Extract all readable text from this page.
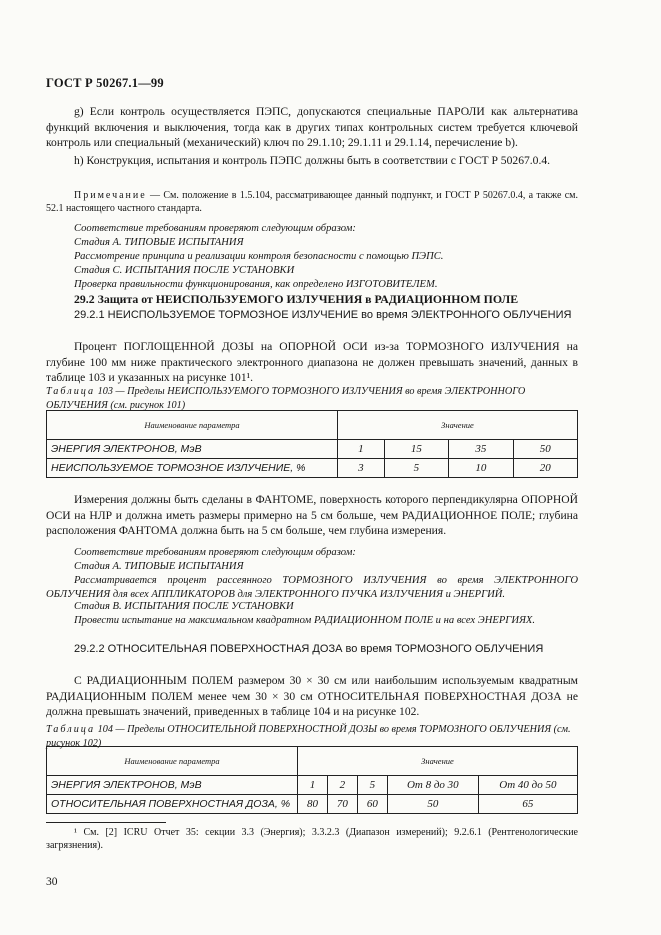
ГОСТ Р 50267.1—99

g) Если контроль осуществляется ПЭПС, допускаются специальные ПАРОЛИ как альтернатива функций включения и выключения, тогда как в других типах контрольных систем требуется ключевой контроль или специальный (механический) ключ по 29.1.10; 29.1.11 и 29.1.14, перечисление b).

h) Конструкция, испытания и контроль ПЭПС должны быть в соответствии с ГОСТ Р 50267.0.4.

Примечание — См. положение в 1.5.104, рассматривающее данный подпункт, и ГОСТ Р 50267.0.4, а также см. 52.1 настоящего частного стандарта.

Соответствие требованиям проверяют следующим образом:

Стадия А. ТИПОВЫЕ ИСПЫТАНИЯ

Рассмотрение принципа и реализации контроля безопасности с помощью ПЭПС.

Стадия С. ИСПЫТАНИЯ ПОСЛЕ УСТАНОВКИ

Проверка правильности функционирования, как определено ИЗГОТОВИТЕЛЕМ.

29.2 Защита от НЕИСПОЛЬЗУЕМОГО ИЗЛУЧЕНИЯ в РАДИАЦИОННОМ ПОЛЕ

29.2.1 НЕИСПОЛЬЗУЕМОЕ ТОРМОЗНОЕ ИЗЛУЧЕНИЕ во время ЭЛЕКТРОННОГО ОБЛУЧЕНИЯ

Процент ПОГЛОЩЕННОЙ ДОЗЫ на ОПОРНОЙ ОСИ из-за ТОРМОЗНОГО ИЗЛУЧЕНИЯ на глубине 100 мм ниже практического электронного диапазона не должен превышать значений, данных в таблице 103 и указанных на рисунке 101¹.

Таблица 103 — Пределы НЕИСПОЛЬЗУЕМОГО ТОРМОЗНОГО ИЗЛУЧЕНИЯ во время ЭЛЕКТРОННОГО ОБЛУЧЕНИЯ (см. рисунок 101)

Наименование параметра	Значение			
ЭНЕРГИЯ ЭЛЕКТРОНОВ, МэВ	1	15	35	50
НЕИСПОЛЬЗУЕМОЕ ТОРМОЗНОЕ ИЗЛУЧЕНИЕ, %	3	5	10	20

Измерения должны быть сделаны в ФАНТОМЕ, поверхность которого перпендикулярна ОПОРНОЙ ОСИ на НЛР и должна иметь размеры примерно на 5 см больше, чем РАДИАЦИОННОЕ ПОЛЕ; глубина расположения ФАНТОМА должна быть на 5 см больше, чем глубина измерения.

Соответствие требованиям проверяют следующим образом:

Стадия А. ТИПОВЫЕ ИСПЫТАНИЯ

Рассматривается процент рассеянного ТОРМОЗНОГО ИЗЛУЧЕНИЯ во время ЭЛЕКТРОННОГО ОБЛУЧЕНИЯ для всех АППЛИКАТОРОВ для ЭЛЕКТРОННОГО ПУЧКА ИЗЛУЧЕНИЯ и ЭНЕРГИЙ.

Стадия В. ИСПЫТАНИЯ ПОСЛЕ УСТАНОВКИ

Провести испытание на максимальном квадратном РАДИАЦИОННОМ ПОЛЕ и на всех ЭНЕРГИЯХ.

29.2.2 ОТНОСИТЕЛЬНАЯ ПОВЕРХНОСТНАЯ ДОЗА во время ТОРМОЗНОГО ОБЛУЧЕНИЯ

С РАДИАЦИОННЫМ ПОЛЕМ размером 30 × 30 см или наибольшим используемым квадратным РАДИАЦИОННЫМ ПОЛЕМ менее чем 30 × 30 см ОТНОСИТЕЛЬНАЯ ПОВЕРХНОСТНАЯ ДОЗА не должна превышать значений, приведенных в таблице 104 и на рисунке 102.

Таблица 104 — Пределы ОТНОСИТЕЛЬНОЙ ПОВЕРХНОСТНОЙ ДОЗЫ во время ТОРМОЗНОГО ОБЛУЧЕНИЯ (см. рисунок 102)

Наименование параметра	Значение				
ЭНЕРГИЯ ЭЛЕКТРОНОВ, МэВ	1	2	5	От 8 до 30	От 40 до 50
ОТНОСИТЕЛЬНАЯ ПОВЕРХНОСТНАЯ ДОЗА, %	80	70	60	50	65

¹ См. [2] ICRU Отчет 35: секции 3.3 (Энергия); 3.3.2.3 (Диапазон измерений); 9.2.6.1 (Рентгенологические загрязнения).

30
